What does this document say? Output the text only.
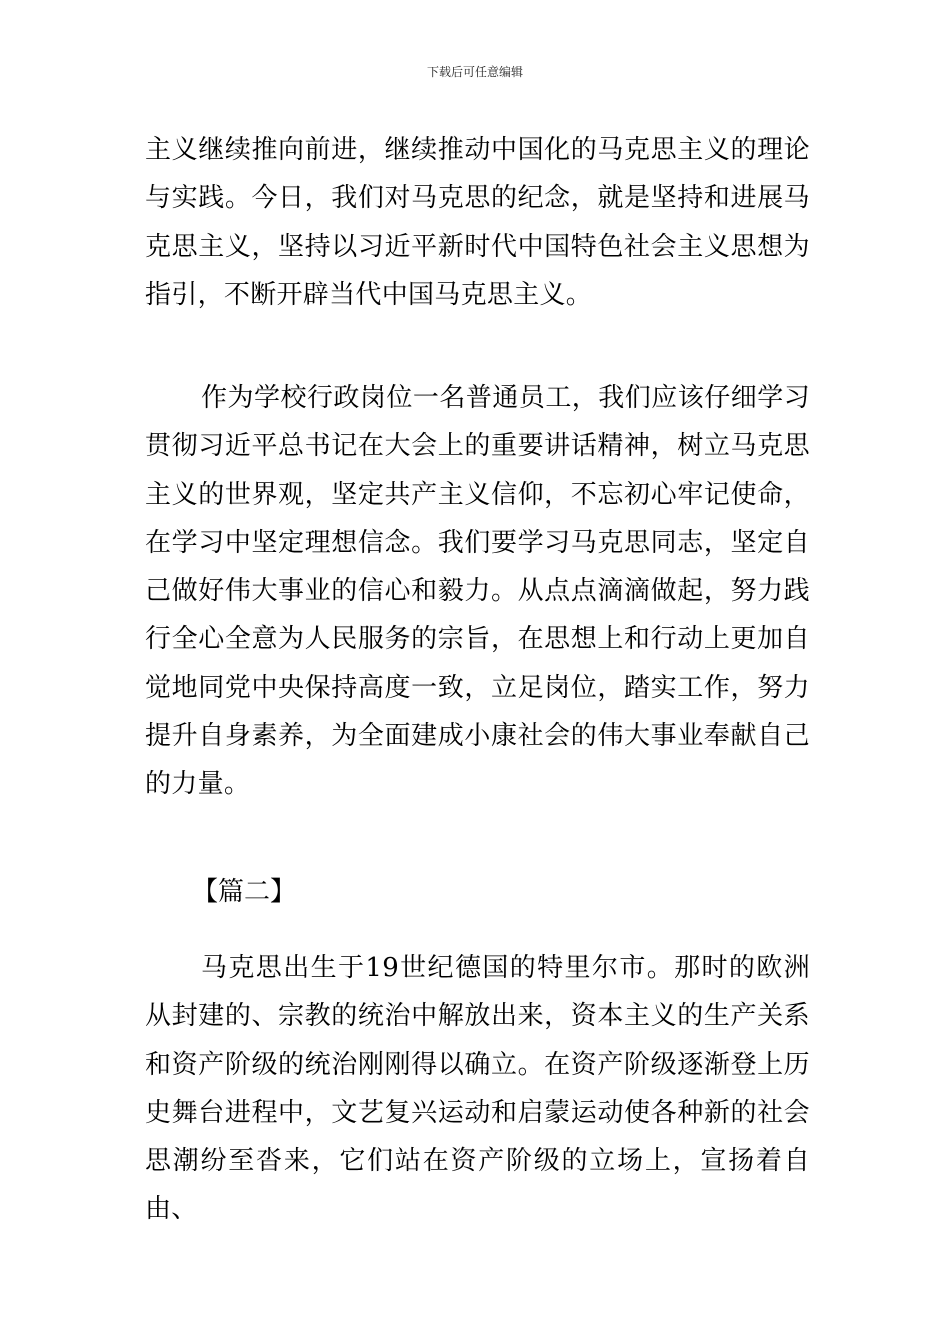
下载后可任意编辑

主义继续推向前进，继续推动中国化的马克思主义的理论与实践。今日，我们对马克思的纪念，就是坚持和进展马克思主义，坚持以习近平新时代中国特色社会主义思想为指引，不断开辟当代中国马克思主义。

作为学校行政岗位一名普通员工，我们应该仔细学习贯彻习近平总书记在大会上的重要讲话精神，树立马克思主义的世界观，坚定共产主义信仰，不忘初心牢记使命，在学习中坚定理想信念。我们要学习马克思同志，坚定自己做好伟大事业的信心和毅力。从点点滴滴做起，努力践行全心全意为人民服务的宗旨，在思想上和行动上更加自觉地同党中央保持高度一致，立足岗位，踏实工作，努力提升自身素养，为全面建成小康社会的伟大事业奉献自己的力量。

【篇二】

马克思出生于19世纪德国的特里尔市。那时的欧洲从封建的、宗教的统治中解放出来，资本主义的生产关系和资产阶级的统治刚刚得以确立。在资产阶级逐渐登上历史舞台进程中，文艺复兴运动和启蒙运动使各种新的社会思潮纷至沓来，它们站在资产阶级的立场上，宣扬着自由、
